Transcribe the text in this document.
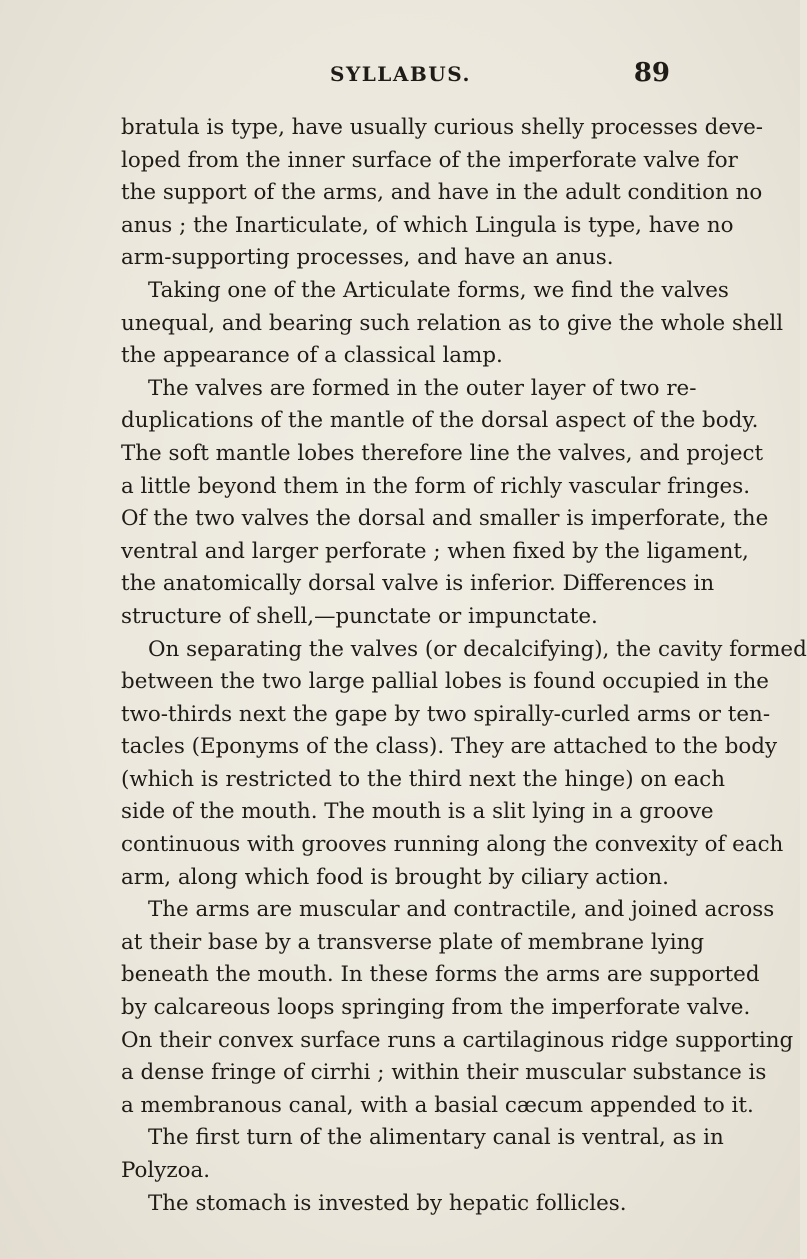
SYLLABUS.	89
bratula is type, have usually curious shelly processes deve-
loped from the inner surface of the imperforate valve for
the support of the arms, and have in the adult condition no
anus ; the Inarticulate, of which Lingula is type, have no
arm-supporting processes, and have an anus.
Taking one of the Articulate forms, we find the valves
unequal, and bearing such relation as to give the whole shell
the appearance of a classical lamp.
The valves are formed in the outer layer of two re-
duplications of the mantle of the dorsal aspect of the body.
The soft mantle lobes therefore line the valves, and project
a little beyond them in the form of richly vascular fringes.
Of the two valves the dorsal and smaller is imperforate, the
ventral and larger perforate ; when fixed by the ligament,
the anatomically dorsal valve is inferior. Differences in
structure of shell,—punctate or impunctate.
On separating the valves (or decalcifying), the cavity formed
between the two large pallial lobes is found occupied in the
two-thirds next the gape by two spirally-curled arms or ten-
tacles (Eponyms of the class). They are attached to the body
(which is restricted to the third next the hinge) on each
side of the mouth. The mouth is a slit lying in a groove
continuous with grooves running along the convexity of each
arm, along which food is brought by ciliary action.
The arms are muscular and contractile, and joined across
at their base by a transverse plate of membrane lying
beneath the mouth. In these forms the arms are supported
by calcareous loops springing from the imperforate valve.
On their convex surface runs a cartilaginous ridge supporting
a dense fringe of cirrhi ; within their muscular substance is
a membranous canal, with a basial cæcum appended to it.
The first turn of the alimentary canal is ventral, as in
Polyzoa.
The stomach is invested by hepatic follicles.
